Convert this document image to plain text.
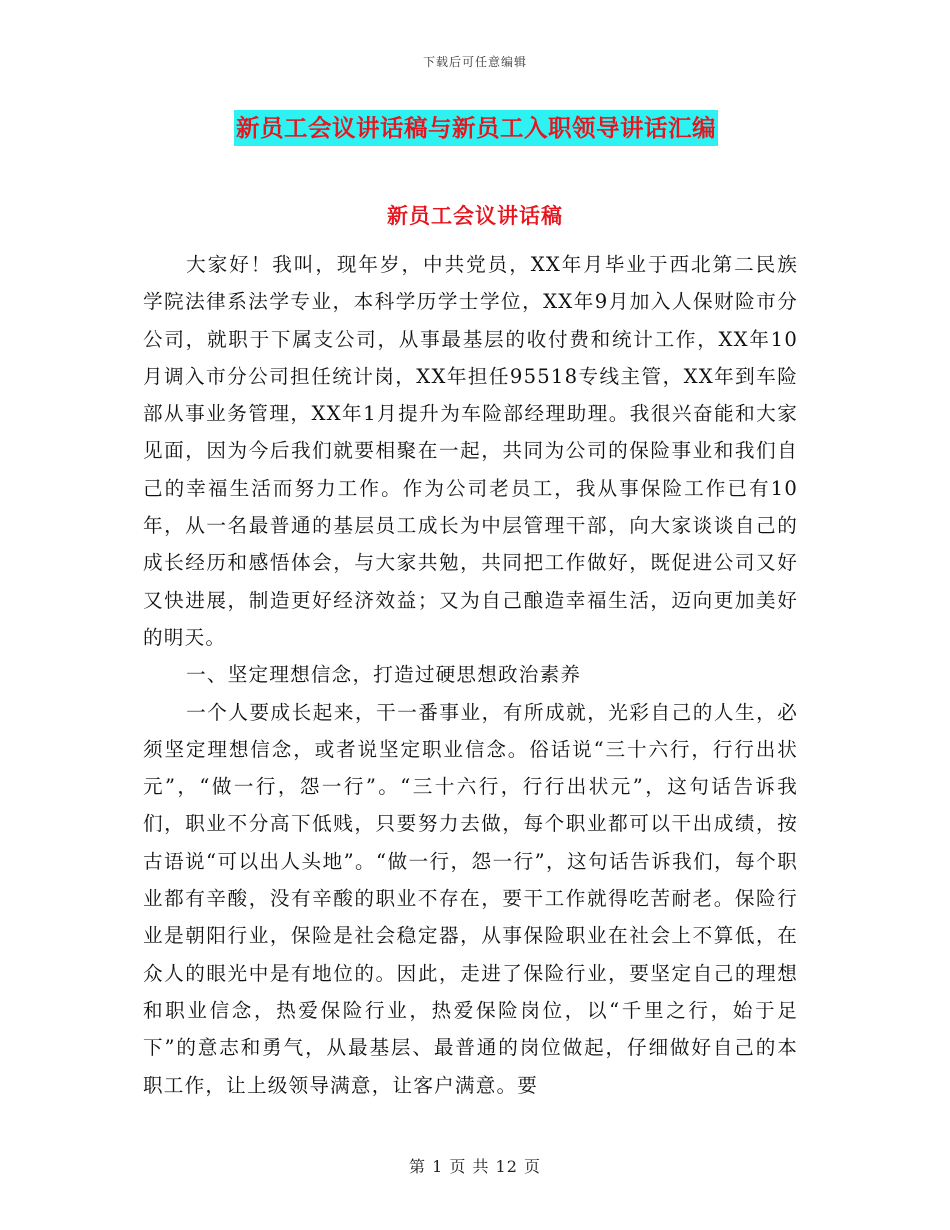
下载后可任意编辑
新员工会议讲话稿与新员工入职领导讲话汇编
新员工会议讲话稿

大家好！我叫，现年岁，中共党员，XX年月毕业于西北第二民族学院法律系法学专业，本科学历学士学位，XX年9月加入人保财险市分公司，就职于下属支公司，从事最基层的收付费和统计工作，XX年10月调入市分公司担任统计岗，XX年担任95518专线主管，XX年到车险部从事业务管理，XX年1月提升为车险部经理助理。我很兴奋能和大家见面，因为今后我们就要相聚在一起，共同为公司的保险事业和我们自己的幸福生活而努力工作。作为公司老员工，我从事保险工作已有10年，从一名最普通的基层员工成长为中层管理干部，向大家谈谈自己的成长经历和感悟体会，与大家共勉，共同把工作做好，既促进公司又好又快进展，制造更好经济效益；又为自己酿造幸福生活，迈向更加美好的明天。

一、坚定理想信念，打造过硬思想政治素养

一个人要成长起来，干一番事业，有所成就，光彩自己的人生，必须坚定理想信念，或者说坚定职业信念。俗话说“三十六行，行行出状元”，“做一行，怨一行”。“三十六行，行行出状元”，这句话告诉我们，职业不分高下低贱，只要努力去做，每个职业都可以干出成绩，按古语说“可以出人头地”。“做一行，怨一行”，这句话告诉我们，每个职业都有辛酸，没有辛酸的职业不存在，要干工作就得吃苦耐老。保险行业是朝阳行业，保险是社会稳定器，从事保险职业在社会上不算低，在众人的眼光中是有地位的。因此，走进了保险行业，要坚定自己的理想和职业信念，热爱保险行业，热爱保险岗位，以“千里之行，始于足下”的意志和勇气，从最基层、最普通的岗位做起，仔细做好自己的本职工作，让上级领导满意，让客户满意。要

第 1 页 共 12 页
